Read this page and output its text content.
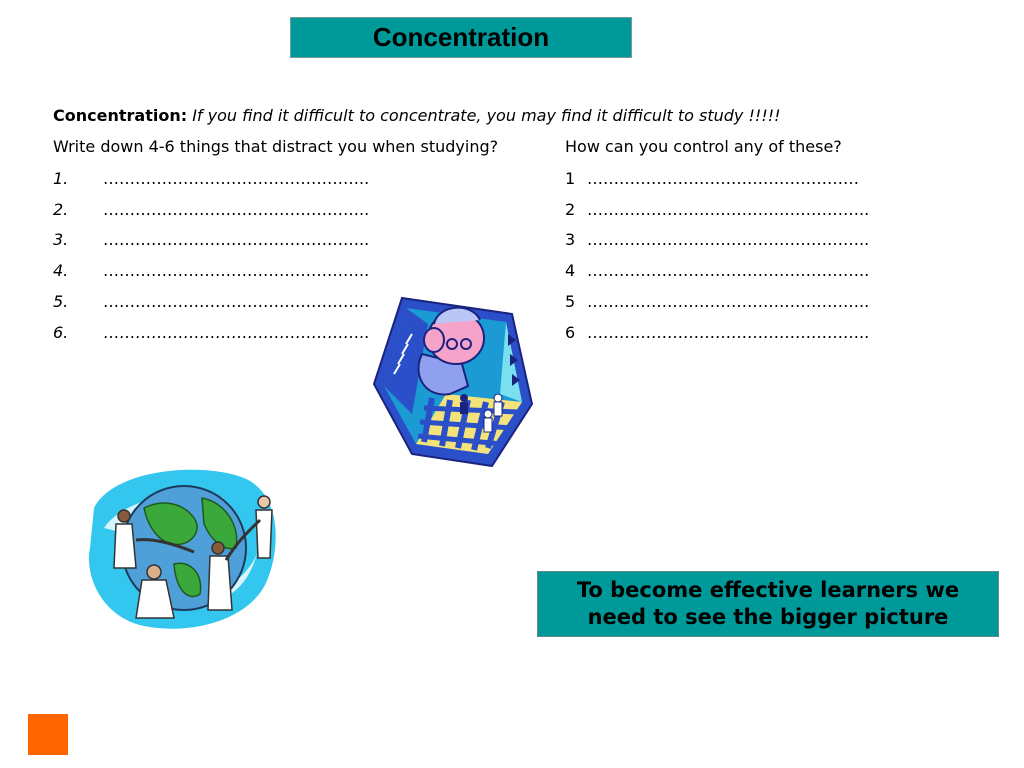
Concentration
Concentration: If you find it difficult to concentrate, you may find it difficult to study !!!!!
Write down 4-6 things that distract you when studying?	How can you control any of these?
1. …………………………………………..
2. …………………………………………..
3. …………………………………………..
4. …………………………………………..
5. …………………………………………..
6. …………………………………………..
1 ……………………………………………
2 ……………………………………………..
3 ……………………………………………..
4 ……………………………………………..
5 ……………………………………………..
6 ……………………………………………..
To become effective learners we need to see the bigger picture
